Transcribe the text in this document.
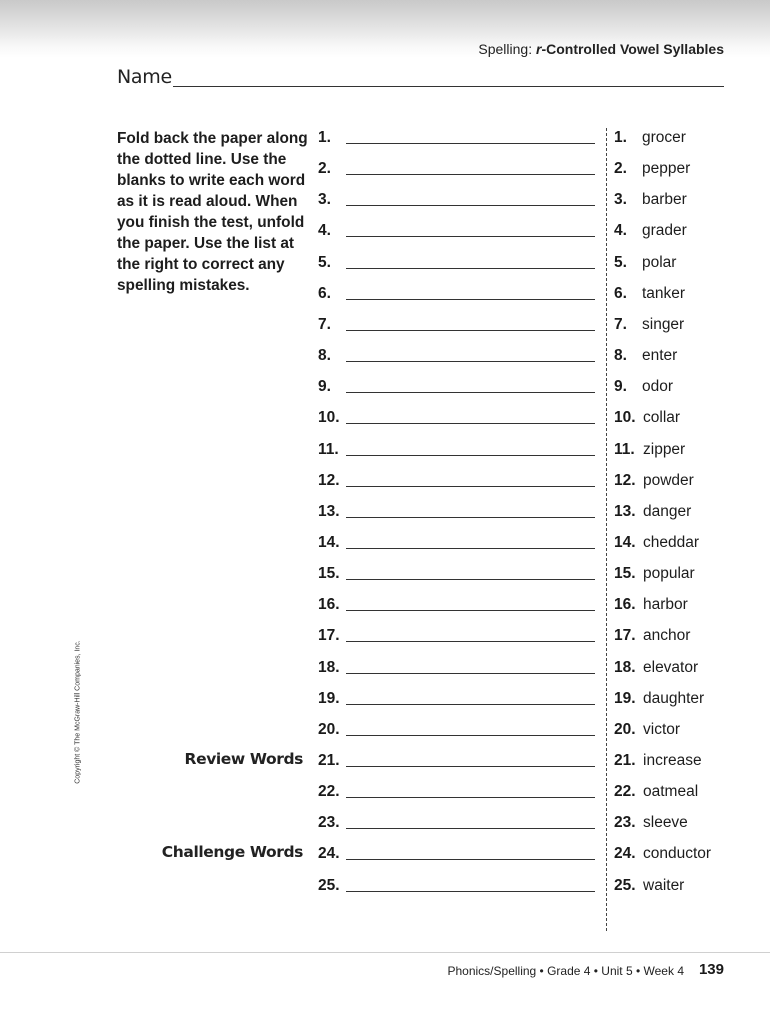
Spelling: r-Controlled Vowel Syllables
Name
Fold back the paper along the dotted line. Use the blanks to write each word as it is read aloud. When you finish the test, unfold the paper. Use the list at the right to correct any spelling mistakes.
Review Words
Challenge Words
1.
2.
3.
4.
5.
6.
7.
8.
9.
10.
11.
12.
13.
14.
15.
16.
17.
18.
19.
20.
21.
22.
23.
24.
25.
1. grocer
2. pepper
3. barber
4. grader
5. polar
6. tanker
7. singer
8. enter
9. odor
10. collar
11. zipper
12. powder
13. danger
14. cheddar
15. popular
16. harbor
17. anchor
18. elevator
19. daughter
20. victor
21. increase
22. oatmeal
23. sleeve
24. conductor
25. waiter
Copyright © The McGraw-Hill Companies, Inc.
Phonics/Spelling • Grade 4 • Unit 5 • Week 4 139
